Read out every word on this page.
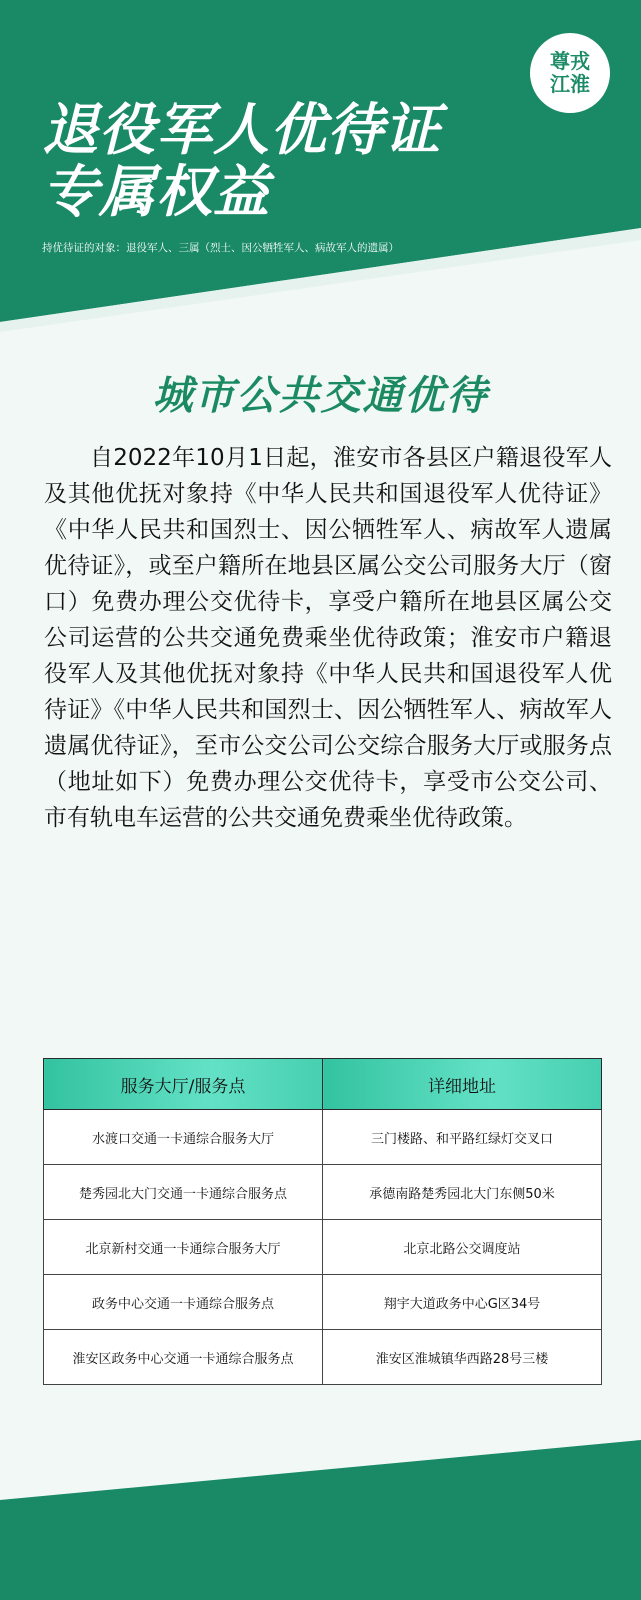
尊戎
江淮
退役军人优待证
专属权益
持优待证的对象：退役军人、三属（烈士、因公牺牲军人、病故军人的遗属）
城市公共交通优待
自2022年10月1日起，淮安市各县区户籍退役军人及其他优抚对象持《中华人民共和国退役军人优待证》《中华人民共和国烈士、因公牺牲军人、病故军人遗属优待证》，或至户籍所在地县区属公交公司服务大厅（窗口）免费办理公交优待卡，享受户籍所在地县区属公交公司运营的公共交通免费乘坐优待政策；淮安市户籍退役军人及其他优抚对象持《中华人民共和国退役军人优待证》《中华人民共和国烈士、因公牺牲军人、病故军人遗属优待证》，至市公交公司公交综合服务大厅或服务点（地址如下）免费办理公交优待卡，享受市公交公司、市有轨电车运营的公共交通免费乘坐优待政策。
服务大厅/服务点	详细地址
水渡口交通一卡通综合服务大厅	三门楼路、和平路红绿灯交叉口
楚秀园北大门交通一卡通综合服务点	承德南路楚秀园北大门东侧50米
北京新村交通一卡通综合服务大厅	北京北路公交调度站
政务中心交通一卡通综合服务点	翔宇大道政务中心G区34号
淮安区政务中心交通一卡通综合服务点	淮安区淮城镇华西路28号三楼
